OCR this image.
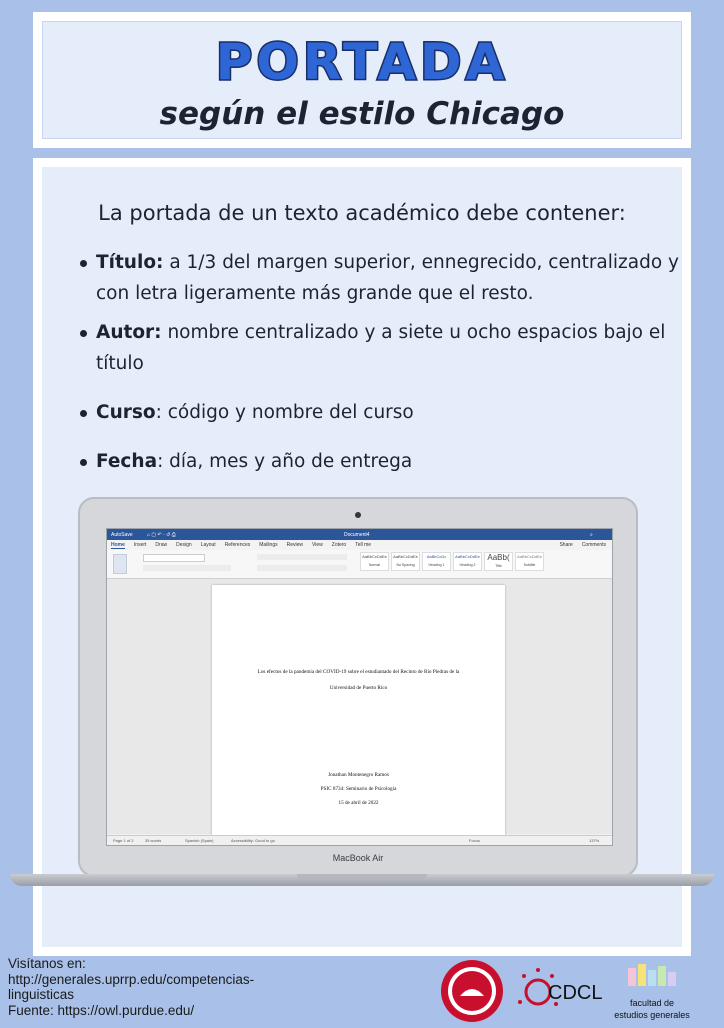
PORTADA
según el estilo Chicago
La portada de un texto académico debe contener:
Título: a 1/3 del margen superior, ennegrecido, centralizado y con letra ligeramente más grande que el resto.
Autor: nombre centralizado y a siete u ocho espacios bajo el título
Curso: código y nombre del curso
Fecha: día, mes y año de entrega
AutoSave	⌂ ▢ ↶ · ↺ ⎙	Document4	⌕
Home Insert Draw Design Layout References Mailings Review View Zotero Tell me	Share Comments
AaBbCcDdEe
Normal
AaBbCcDdEe
No Spacing
AaBbCcDc
Heading 1
AaBbCcDdEe
Heading 2
AaBb(
Title
AaBbCcDdEe
Subtitle
Los efectos de la pandemia del COVID-19 sobre el estudiantado del Recinto de Río Piedras de la
Universidad de Puerto Rico
Jonathan Montenegro Ramos
PSIC 8734: Seminario de Psicología
15 de abril de 2022
Page 1 of 2	35 words	Spanish (Spain)	Accessibility: Good to go	Focus	137%
MacBook Air
Visítanos en:
http://generales.uprrp.edu/competencias-
linguisticas
Fuente: https://owl.purdue.edu/
CDCL	facultad de
estudios generales
